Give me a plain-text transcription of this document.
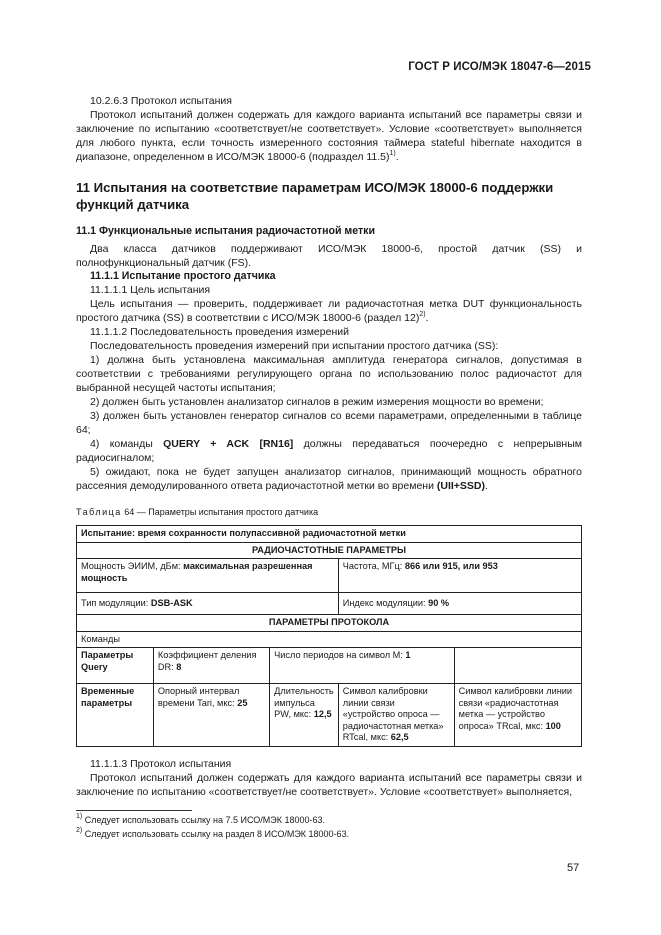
ГОСТ Р ИСО/МЭК 18047-6—2015
10.2.6.3 Протокол испытания
Протокол испытаний должен содержать для каждого варианта испытаний все параметры связи и заключение по испытанию «соответствует/не соответствует». Условие «соответствует» выполняется для любого пункта, если точность измеренного состояния таймера stateful hibernate находится в диапазоне, определенном в ИСО/МЭК 18000-6 (подраздел 11.5)$^{1)}$.
11 Испытания на соответствие параметрам ИСО/МЭК 18000-6 поддержки функций датчика
11.1 Функциональные испытания радиочастотной метки
Два класса датчиков поддерживают ИСО/МЭК 18000-6, простой датчик (SS) и полнофункциональный датчик (FS).
11.1.1 Испытание простого датчика
11.1.1.1 Цель испытания
Цель испытания — проверить, поддерживает ли радиочастотная метка DUT функциональность простого датчика (SS) в соответствии с ИСО/МЭК 18000-6 (раздел 12)$^{2)}$.
11.1.1.2 Последовательность проведения измерений
Последовательность проведения измерений при испытании простого датчика (SS):
1) должна быть установлена максимальная амплитуда генератора сигналов, допустимая в соответствии с требованиями регулирующего органа по использованию полос радиочастот для выбранной несущей частоты испытания;
2) должен быть установлен анализатор сигналов в режим измерения мощности во времени;
3) должен быть установлен генератор сигналов со всеми параметрами, определенными в таблице 64;
4) команды QUERY + ACK [RN16] должны передаваться поочередно с непрерывным радиосигналом;
5) ожидают, пока не будет запущен анализатор сигналов, принимающий мощность обратного рассеяния демодулированного ответа радиочастотной метки во времени (UII+SSD).
Таблица 64 — Параметры испытания простого датчика
Испытание: время сохранности полупассивной радиочастотной метки				
РАДИОЧАСТОТНЫЕ ПАРАМЕТРЫ				
Мощность ЭИИМ, дБм: максимальная разрешенная мощность			Частота, МГц: 866 или 915, или 953	
Тип модуляции: DSB-ASK			Индекс модуляции: 90 %	
ПАРАМЕТРЫ ПРОТОКОЛА				
Команды				
Параметры Query	Коэффициент деления DR: 8	Число периодов на символ M: 1		
Временные параметры	Опорный интервал времени Tari, мкс: 25	Длительность импульса PW, мкс: 12,5	Символ калибровки линии связи «устройство опроса — радиочастотная метка» RTcal, мкс: 62,5	Символ калибровки линии связи «радиочастотная метка — устройство опроса» TRcal, мкс: 100
11.1.1.3 Протокол испытания
Протокол испытаний должен содержать для каждого варианта испытаний все параметры связи и заключение по испытанию «соответствует/не соответствует». Условие «соответствует» выполняется,
$^{1)}$ Следует использовать ссылку на 7.5 ИСО/МЭК 18000-63.
$^{2)}$ Следует использовать ссылку на раздел 8 ИСО/МЭК 18000-63.
57
